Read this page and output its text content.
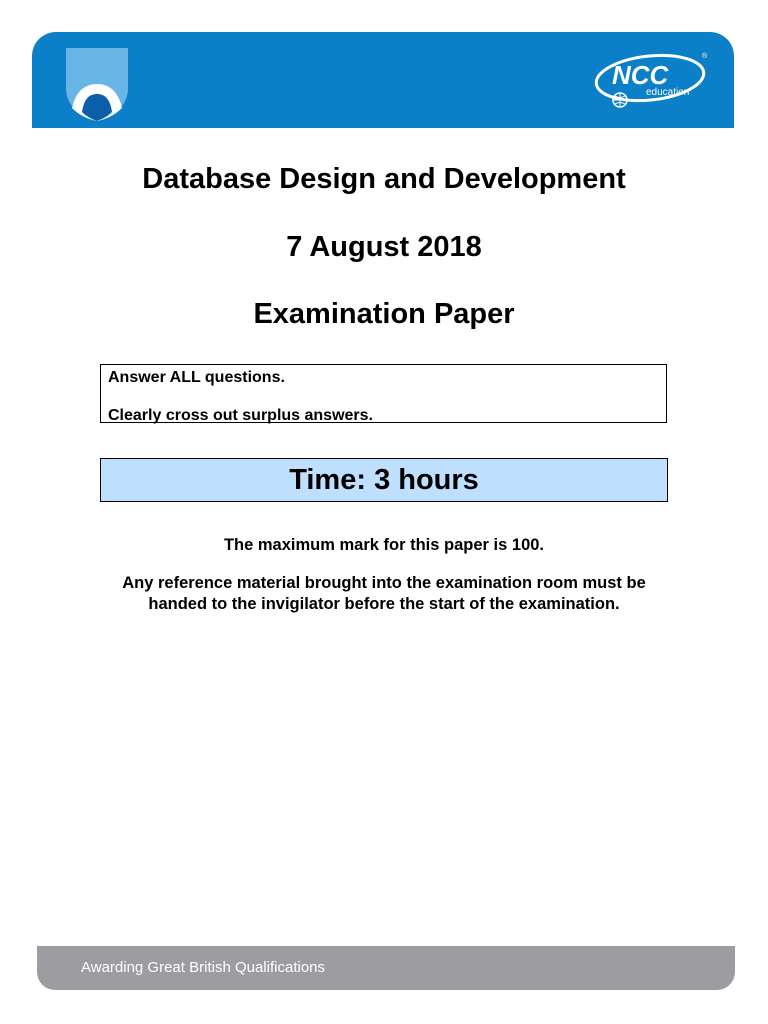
NCC
education
®
Database Design and Development
7 August 2018
Examination Paper
Answer ALL questions.
Clearly cross out surplus answers.
Time: 3 hours
The maximum mark for this paper is 100.
Any reference material brought into the examination room must be
handed to the invigilator before the start of the examination.
Awarding Great British Qualifications
